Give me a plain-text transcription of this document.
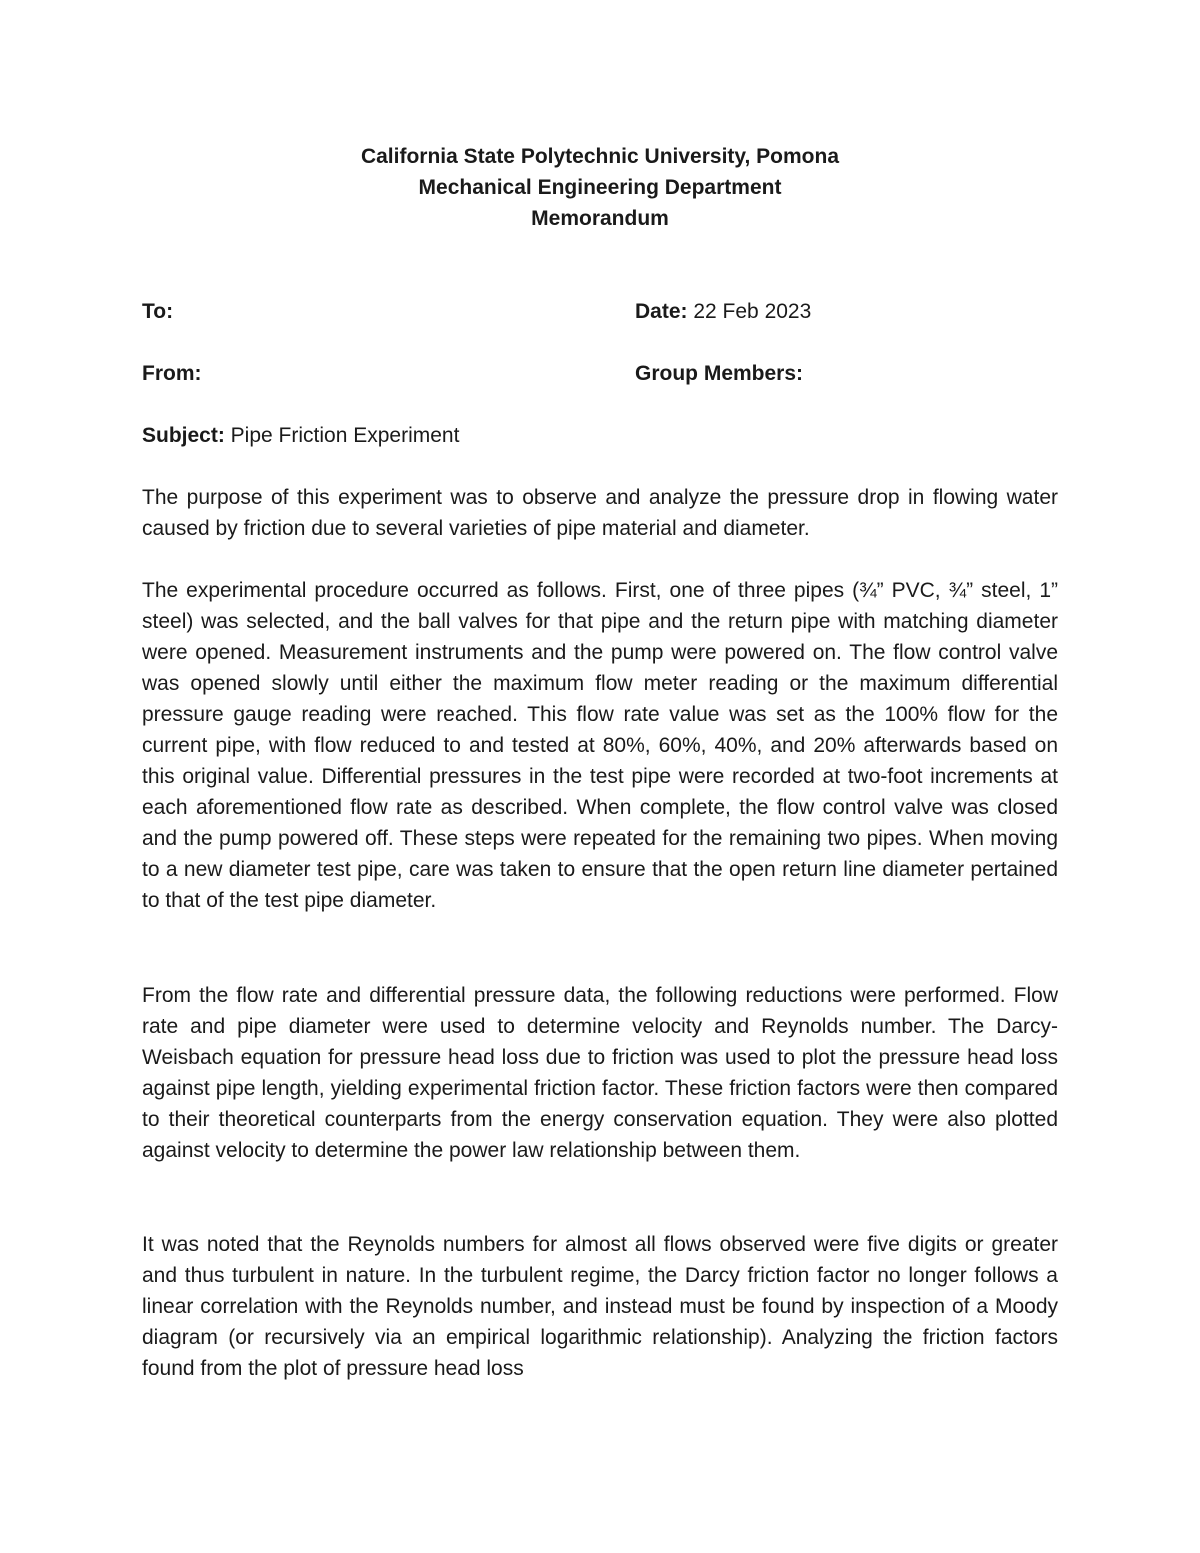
California State Polytechnic University, Pomona
Mechanical Engineering Department
Memorandum
To:	Date: 22 Feb 2023
From:	Group Members:
Subject: Pipe Friction Experiment

The purpose of this experiment was to observe and analyze the pressure drop in flowing water caused by friction due to several varieties of pipe material and diameter.

The experimental procedure occurred as follows. First, one of three pipes (¾” PVC, ¾” steel, 1” steel) was selected, and the ball valves for that pipe and the return pipe with matching diameter were opened. Measurement instruments and the pump were powered on. The flow control valve was opened slowly until either the maximum flow meter reading or the maximum differential pressure gauge reading were reached. This flow rate value was set as the 100% flow for the current pipe, with flow reduced to and tested at 80%, 60%, 40%, and 20% afterwards based on this original value. Differential pressures in the test pipe were recorded at two-foot increments at each aforementioned flow rate as described. When complete, the flow control valve was closed and the pump powered off. These steps were repeated for the remaining two pipes. When moving to a new diameter test pipe, care was taken to ensure that the open return line diameter pertained to that of the test pipe diameter.

From the flow rate and differential pressure data, the following reductions were performed. Flow rate and pipe diameter were used to determine velocity and Reynolds number. The Darcy-Weisbach equation for pressure head loss due to friction was used to plot the pressure head loss against pipe length, yielding experimental friction factor. These friction factors were then compared to their theoretical counterparts from the energy conservation equation. They were also plotted against velocity to determine the power law relationship between them.

It was noted that the Reynolds numbers for almost all flows observed were five digits or greater and thus turbulent in nature. In the turbulent regime, the Darcy friction factor no longer follows a linear correlation with the Reynolds number, and instead must be found by inspection of a Moody diagram (or recursively via an empirical logarithmic relationship). Analyzing the friction factors found from the plot of pressure head loss
